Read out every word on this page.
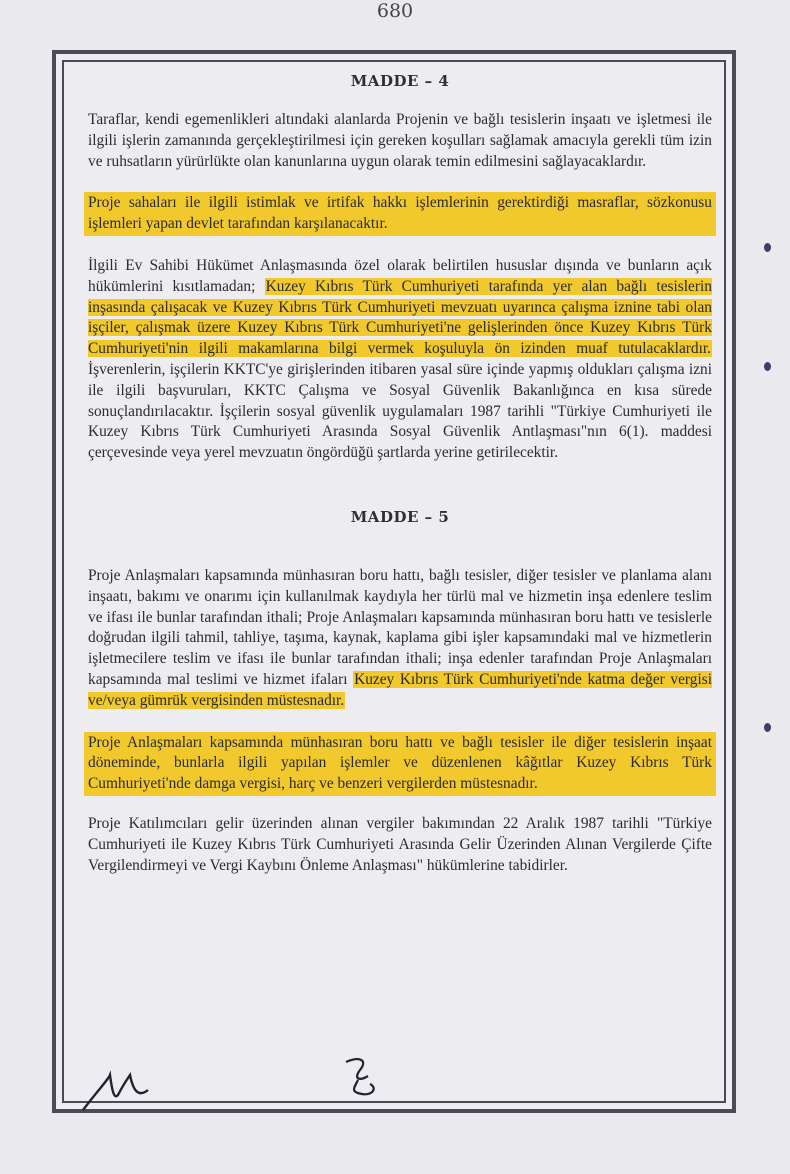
680
MADDE – 4

Taraflar, kendi egemenlikleri altındaki alanlarda Projenin ve bağlı tesislerin inşaatı ve işletmesi ile ilgili işlerin zamanında gerçekleştirilmesi için gereken koşulları sağlamak amacıyla gerekli tüm izin ve ruhsatların yürürlükte olan kanunlarına uygun olarak temin edilmesini sağlayacaklardır.

Proje sahaları ile ilgili istimlak ve irtifak hakkı işlemlerinin gerektirdiği masraflar, sözkonusu işlemleri yapan devlet tarafından karşılanacaktır.

İlgili Ev Sahibi Hükümet Anlaşmasında özel olarak belirtilen hususlar dışında ve bunların açık hükümlerini kısıtlamadan; Kuzey Kıbrıs Türk Cumhuriyeti tarafında yer alan bağlı tesislerin inşasında çalışacak ve Kuzey Kıbrıs Türk Cumhuriyeti mevzuatı uyarınca çalışma iznine tabi olan işçiler, çalışmak üzere Kuzey Kıbrıs Türk Cumhuriyeti'ne gelişlerinden önce Kuzey Kıbrıs Türk Cumhuriyeti'nin ilgili makamlarına bilgi vermek koşuluyla ön izinden muaf tutulacaklardır. İşverenlerin, işçilerin KKTC'ye girişlerinden itibaren yasal süre içinde yapmış oldukları çalışma izni ile ilgili başvuruları, KKTC Çalışma ve Sosyal Güvenlik Bakanlığınca en kısa sürede sonuçlandırılacaktır. İşçilerin sosyal güvenlik uygulamaları 1987 tarihli "Türkiye Cumhuriyeti ile Kuzey Kıbrıs Türk Cumhuriyeti Arasında Sosyal Güvenlik Antlaşması"nın 6(1). maddesi çerçevesinde veya yerel mevzuatın öngördüğü şartlarda yerine getirilecektir.

MADDE – 5

Proje Anlaşmaları kapsamında münhasıran boru hattı, bağlı tesisler, diğer tesisler ve planlama alanı inşaatı, bakımı ve onarımı için kullanılmak kaydıyla her türlü mal ve hizmetin inşa edenlere teslim ve ifası ile bunlar tarafından ithali; Proje Anlaşmaları kapsamında münhasıran boru hattı ve tesislerle doğrudan ilgili tahmil, tahliye, taşıma, kaynak, kaplama gibi işler kapsamındaki mal ve hizmetlerin işletmecilere teslim ve ifası ile bunlar tarafından ithali; inşa edenler tarafından Proje Anlaşmaları kapsamında mal teslimi ve hizmet ifaları Kuzey Kıbrıs Türk Cumhuriyeti'nde katma değer vergisi ve/veya gümrük vergisinden müstesnadır.

Proje Anlaşmaları kapsamında münhasıran boru hattı ve bağlı tesisler ile diğer tesislerin inşaat döneminde, bunlarla ilgili yapılan işlemler ve düzenlenen kâğıtlar Kuzey Kıbrıs Türk Cumhuriyeti'nde damga vergisi, harç ve benzeri vergilerden müstesnadır.

Proje Katılımcıları gelir üzerinden alınan vergiler bakımından 22 Aralık 1987 tarihli "Türkiye Cumhuriyeti ile Kuzey Kıbrıs Türk Cumhuriyeti Arasında Gelir Üzerinden Alınan Vergilerde Çifte Vergilendirmeyi ve Vergi Kaybını Önleme Anlaşması" hükümlerine tabidirler.
